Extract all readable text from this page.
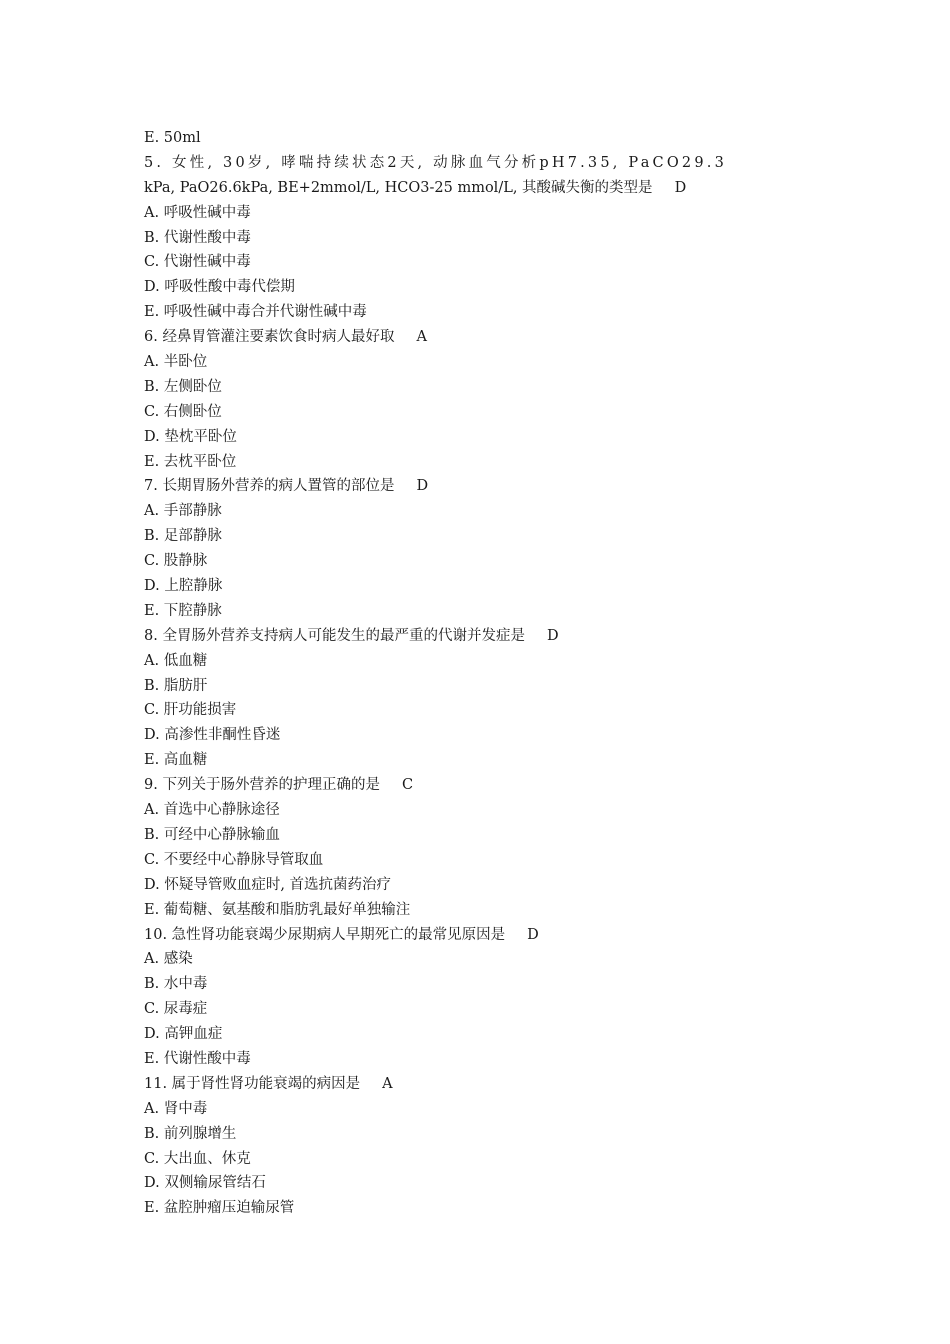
E. 50ml
5. 女性, 30岁, 哮喘持续状态2天, 动脉血气分析pH7.35, PaCO29.3
kPa, PaO26.6kPa, BE+2mmol/L, HCO3-25 mmol/L, 其酸碱失衡的类型是 D
A. 呼吸性碱中毒
B. 代谢性酸中毒
C. 代谢性碱中毒
D. 呼吸性酸中毒代偿期
E. 呼吸性碱中毒合并代谢性碱中毒
6. 经鼻胃管灌注要素饮食时病人最好取 A
A. 半卧位
B. 左侧卧位
C. 右侧卧位
D. 垫枕平卧位
E. 去枕平卧位
7. 长期胃肠外营养的病人置管的部位是 D
A. 手部静脉
B. 足部静脉
C. 股静脉
D. 上腔静脉
E. 下腔静脉
8. 全胃肠外营养支持病人可能发生的最严重的代谢并发症是 D
A. 低血糖
B. 脂肪肝
C. 肝功能损害
D. 高渗性非酮性昏迷
E. 高血糖
9. 下列关于肠外营养的护理正确的是 C
A. 首选中心静脉途径
B. 可经中心静脉输血
C. 不要经中心静脉导管取血
D. 怀疑导管败血症时, 首选抗菌药治疗
E. 葡萄糖、氨基酸和脂肪乳最好单独输注
10. 急性肾功能衰竭少尿期病人早期死亡的最常见原因是 D
A. 感染
B. 水中毒
C. 尿毒症
D. 高钾血症
E. 代谢性酸中毒
11. 属于肾性肾功能衰竭的病因是 A
A. 肾中毒
B. 前列腺增生
C. 大出血、休克
D. 双侧输尿管结石
E. 盆腔肿瘤压迫输尿管
